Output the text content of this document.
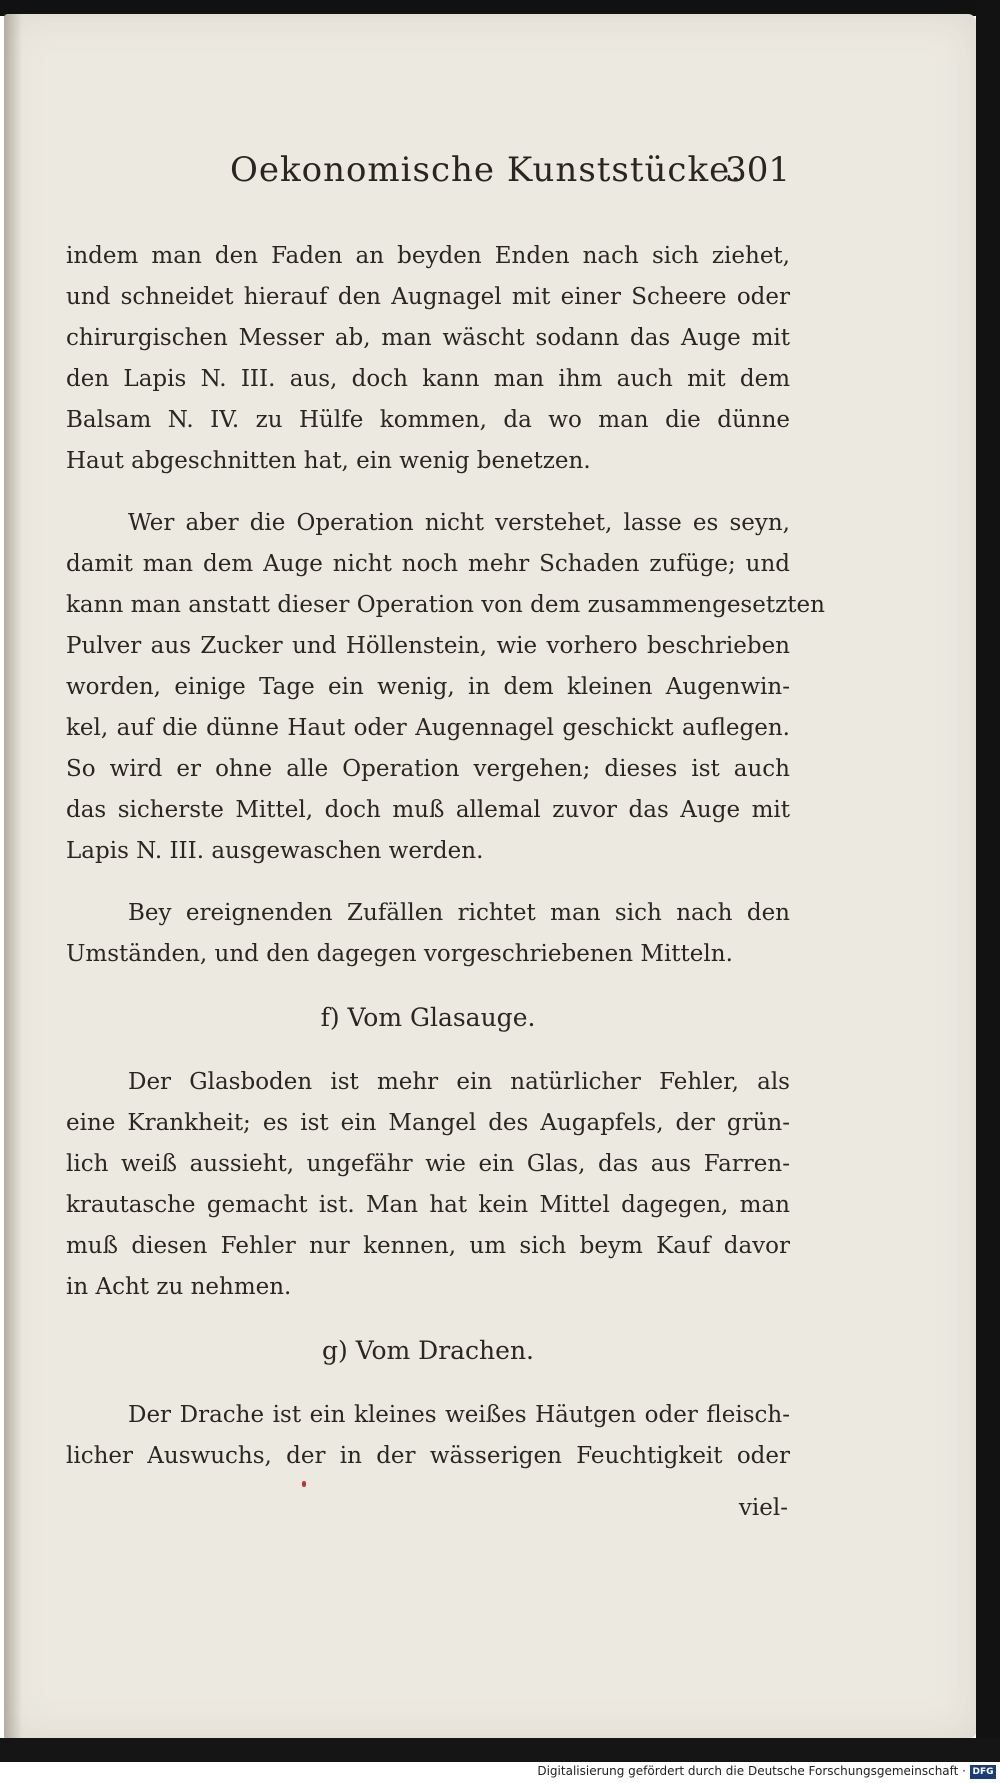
Oekonomische Kunststücke.
301

indem man den Faden an beyden Enden nach sich ziehet,
und schneidet hierauf den Augnagel mit einer Scheere oder
chirurgischen Messer ab, man wäscht sodann das Auge mit
den Lapis N. III. aus, doch kann man ihm auch mit dem
Balsam N. IV. zu Hülfe kommen, da wo man die dünne
Haut abgeschnitten hat, ein wenig benetzen.

Wer aber die Operation nicht verstehet, lasse es seyn,
damit man dem Auge nicht noch mehr Schaden zufüge; und
kann man anstatt dieser Operation von dem zusammengesetzten
Pulver aus Zucker und Höllenstein, wie vorhero beschrieben
worden, einige Tage ein wenig, in dem kleinen Augenwin-
kel, auf die dünne Haut oder Augennagel geschickt auflegen.
So wird er ohne alle Operation vergehen; dieses ist auch
das sicherste Mittel, doch muß allemal zuvor das Auge mit
Lapis N. III. ausgewaschen werden.

Bey ereignenden Zufällen richtet man sich nach den
Umständen, und den dagegen vorgeschriebenen Mitteln.

f) Vom Glasauge.

Der Glasboden ist mehr ein natürlicher Fehler, als
eine Krankheit; es ist ein Mangel des Augapfels, der grün-
lich weiß aussieht, ungefähr wie ein Glas, das aus Farren-
krautasche gemacht ist. Man hat kein Mittel dagegen, man
muß diesen Fehler nur kennen, um sich beym Kauf davor
in Acht zu nehmen.

g) Vom Drachen.

Der Drache ist ein kleines weißes Häutgen oder fleisch-
licher Auswuchs, der in der wässerigen Feuchtigkeit oder

viel-
Digitalisierung gefördert durch die Deutsche Forschungsgemeinschaft · DFG
